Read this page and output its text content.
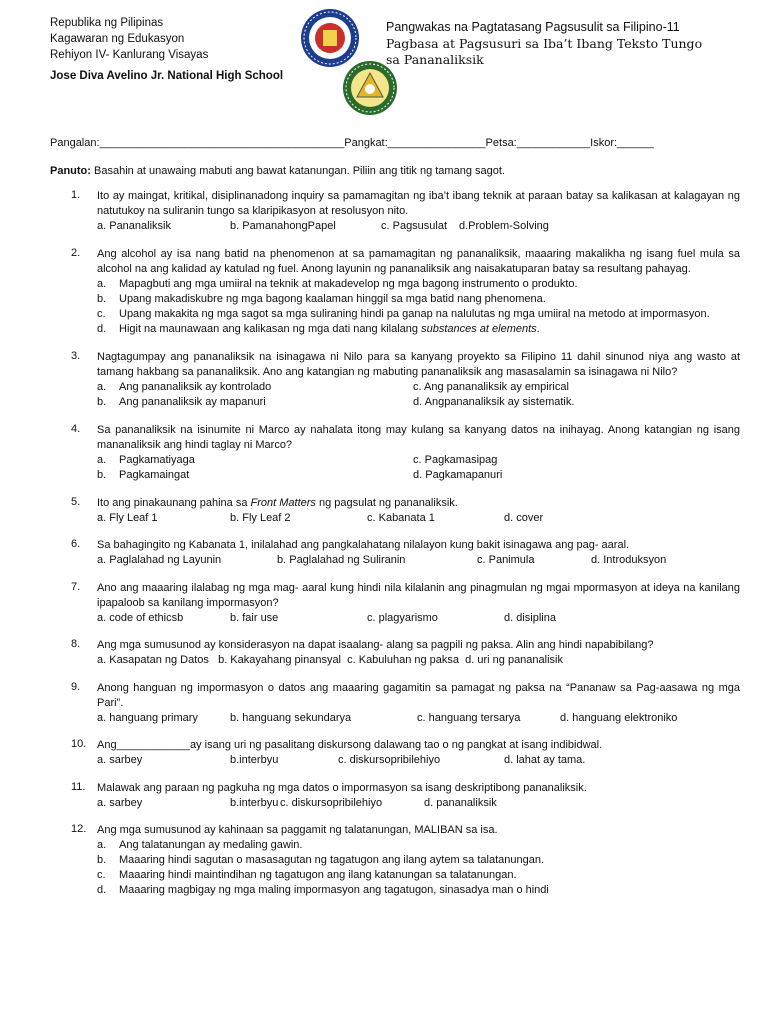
Republika ng Pilipinas
Kagawaran ng Edukasyon
Rehiyon IV- Kanlurang Visayas
Jose Diva Avelino Jr. National High School
Pangwakas na Pagtatasang Pagsusulit sa Filipino-11
Pagbasa at Pagsusuri sa Iba’t Ibang Teksto Tungo sa Pananaliksik
Pangalan:________________________________________Pangkat:________________Petsa:____________Iskor:______
Panuto: Basahin at unawaing mabuti ang bawat katanungan. Piliin ang titik ng tamang sagot.
1.	Ito ay maingat, kritikal, disiplinanadong inquiry sa pamamagitan ng iba’t ibang teknik at paraan batay sa kalikasan at kalagayan ng natutukoy na suliranin tungo sa klaripikasyon at resolusyon nito.
a. Pananaliksik	b. PamanahongPapel	c. Pagsusulat	d.Problem-Solving
2.	Ang alcohol ay isa nang batid na phenomenon at sa pamamagitan ng pananaliksik, maaaring makalikha ng isang fuel mula sa alcohol na ang kalidad ay katulad ng fuel. Anong layunin ng pananaliksik ang naisakatuparan batay sa resultang pahayag.
a.	Mapagbuti ang mga umiiral na teknik at makadevelop ng mga bagong instrumento o produkto.
b.	Upang makadiskubre ng mga bagong kaalaman hinggil sa mga batid nang phenomena.
c.	Upang makakita ng mga sagot sa mga suliraning hindi pa ganap na nalulutas ng mga umiiral na metodo at impormasyon.
d.	Higit na maunawaan ang kalikasan ng mga dati nang kilalang substances at elements.
3.	Nagtagumpay ang pananaliksik na isinagawa ni Nilo para sa kanyang proyekto sa Filipino 11 dahil sinunod niya ang wasto at tamang hakbang sa pananaliksik. Ano ang katangian ng mabuting pananaliksik ang masasalamin sa isinagawa ni Nilo?
a.	Ang pananaliksik ay kontrolado	c. Ang pananaliksik ay empirical
b.	Ang pananaliksik ay mapanuri	d. Angpananaliksik ay sistematik.
4.	Sa pananaliksik na isinumite ni Marco ay nahalata itong may kulang sa kanyang datos na inihayag. Anong katangian ng isang mananaliksik ang hindi taglay ni Marco?
a.	Pagkamatiyaga	c. Pagkamasipag
b.	Pagkamaingat	d. Pagkamapanuri
5.	Ito ang pinakaunang pahina sa Front Matters ng pagsulat ng pananaliksik.
a. Fly Leaf 1	b. Fly Leaf 2	c. Kabanata 1	d. cover
6.	Sa bahagingito ng Kabanata 1, inilalahad ang pangkalahatang nilalayon kung bakit isinagawa ang pag- aaral.
a. Paglalahad ng Layunin	b. Paglalahad ng Suliranin	c. Panimula	d. Introduksyon
7.	Ano ang maaaring ilalabag ng mga mag- aaral kung hindi nila kilalanin ang pinagmulan ng mgai mpormasyon at ideya na kanilang ipapaloob sa kanilang impormasyon?
a. code of ethicsb	b. fair use	c. plagyarismo	d. disiplina
8.	Ang mga sumusunod ay konsiderasyon na dapat isaalang- alang sa pagpili ng paksa. Alin ang hindi napabibilang?
a. Kasapatan ng Datos   b. Kakayahang pinansyal  c. Kabuluhan ng paksa  d. uri ng pananalisik
9.	Anong hanguan ng impormasyon o datos ang maaaring gagamitin sa pamagat ng paksa na “Pananaw sa Pag-aasawa ng mga Pari”.
a. hanguang primary	b. hanguang sekundarya	c. hanguang tersarya	d. hanguang elektroniko
10. Ang____________ay isang uri ng pasalitang diskursong dalawang tao o ng pangkat at isang indibidwal.
a. sarbey	b.interbyu	c. diskursopribilehiyo	d. lahat ay tama.
11.	Malawak ang paraan ng pagkuha ng mga datos o impormasyon sa isang deskriptibong pananaliksik.
a. sarbey	b.interbyu c. diskursopribilehiyo	d. pananaliksik
12. Ang mga sumusunod ay kahinaan sa paggamit ng talatanungan, MALIBAN sa isa.
a.	Ang talatanungan ay medaling gawin.
b.	Maaaring hindi sagutan o masasagutan ng tagatugon ang ilang aytem sa talatanungan.
c.	Maaaring hindi maintindihan ng tagatugon ang ilang katanungan sa talatanungan.
d.	Maaaring magbigay ng mga maling impormasyon ang tagatugon, sinasadya man o hindi
